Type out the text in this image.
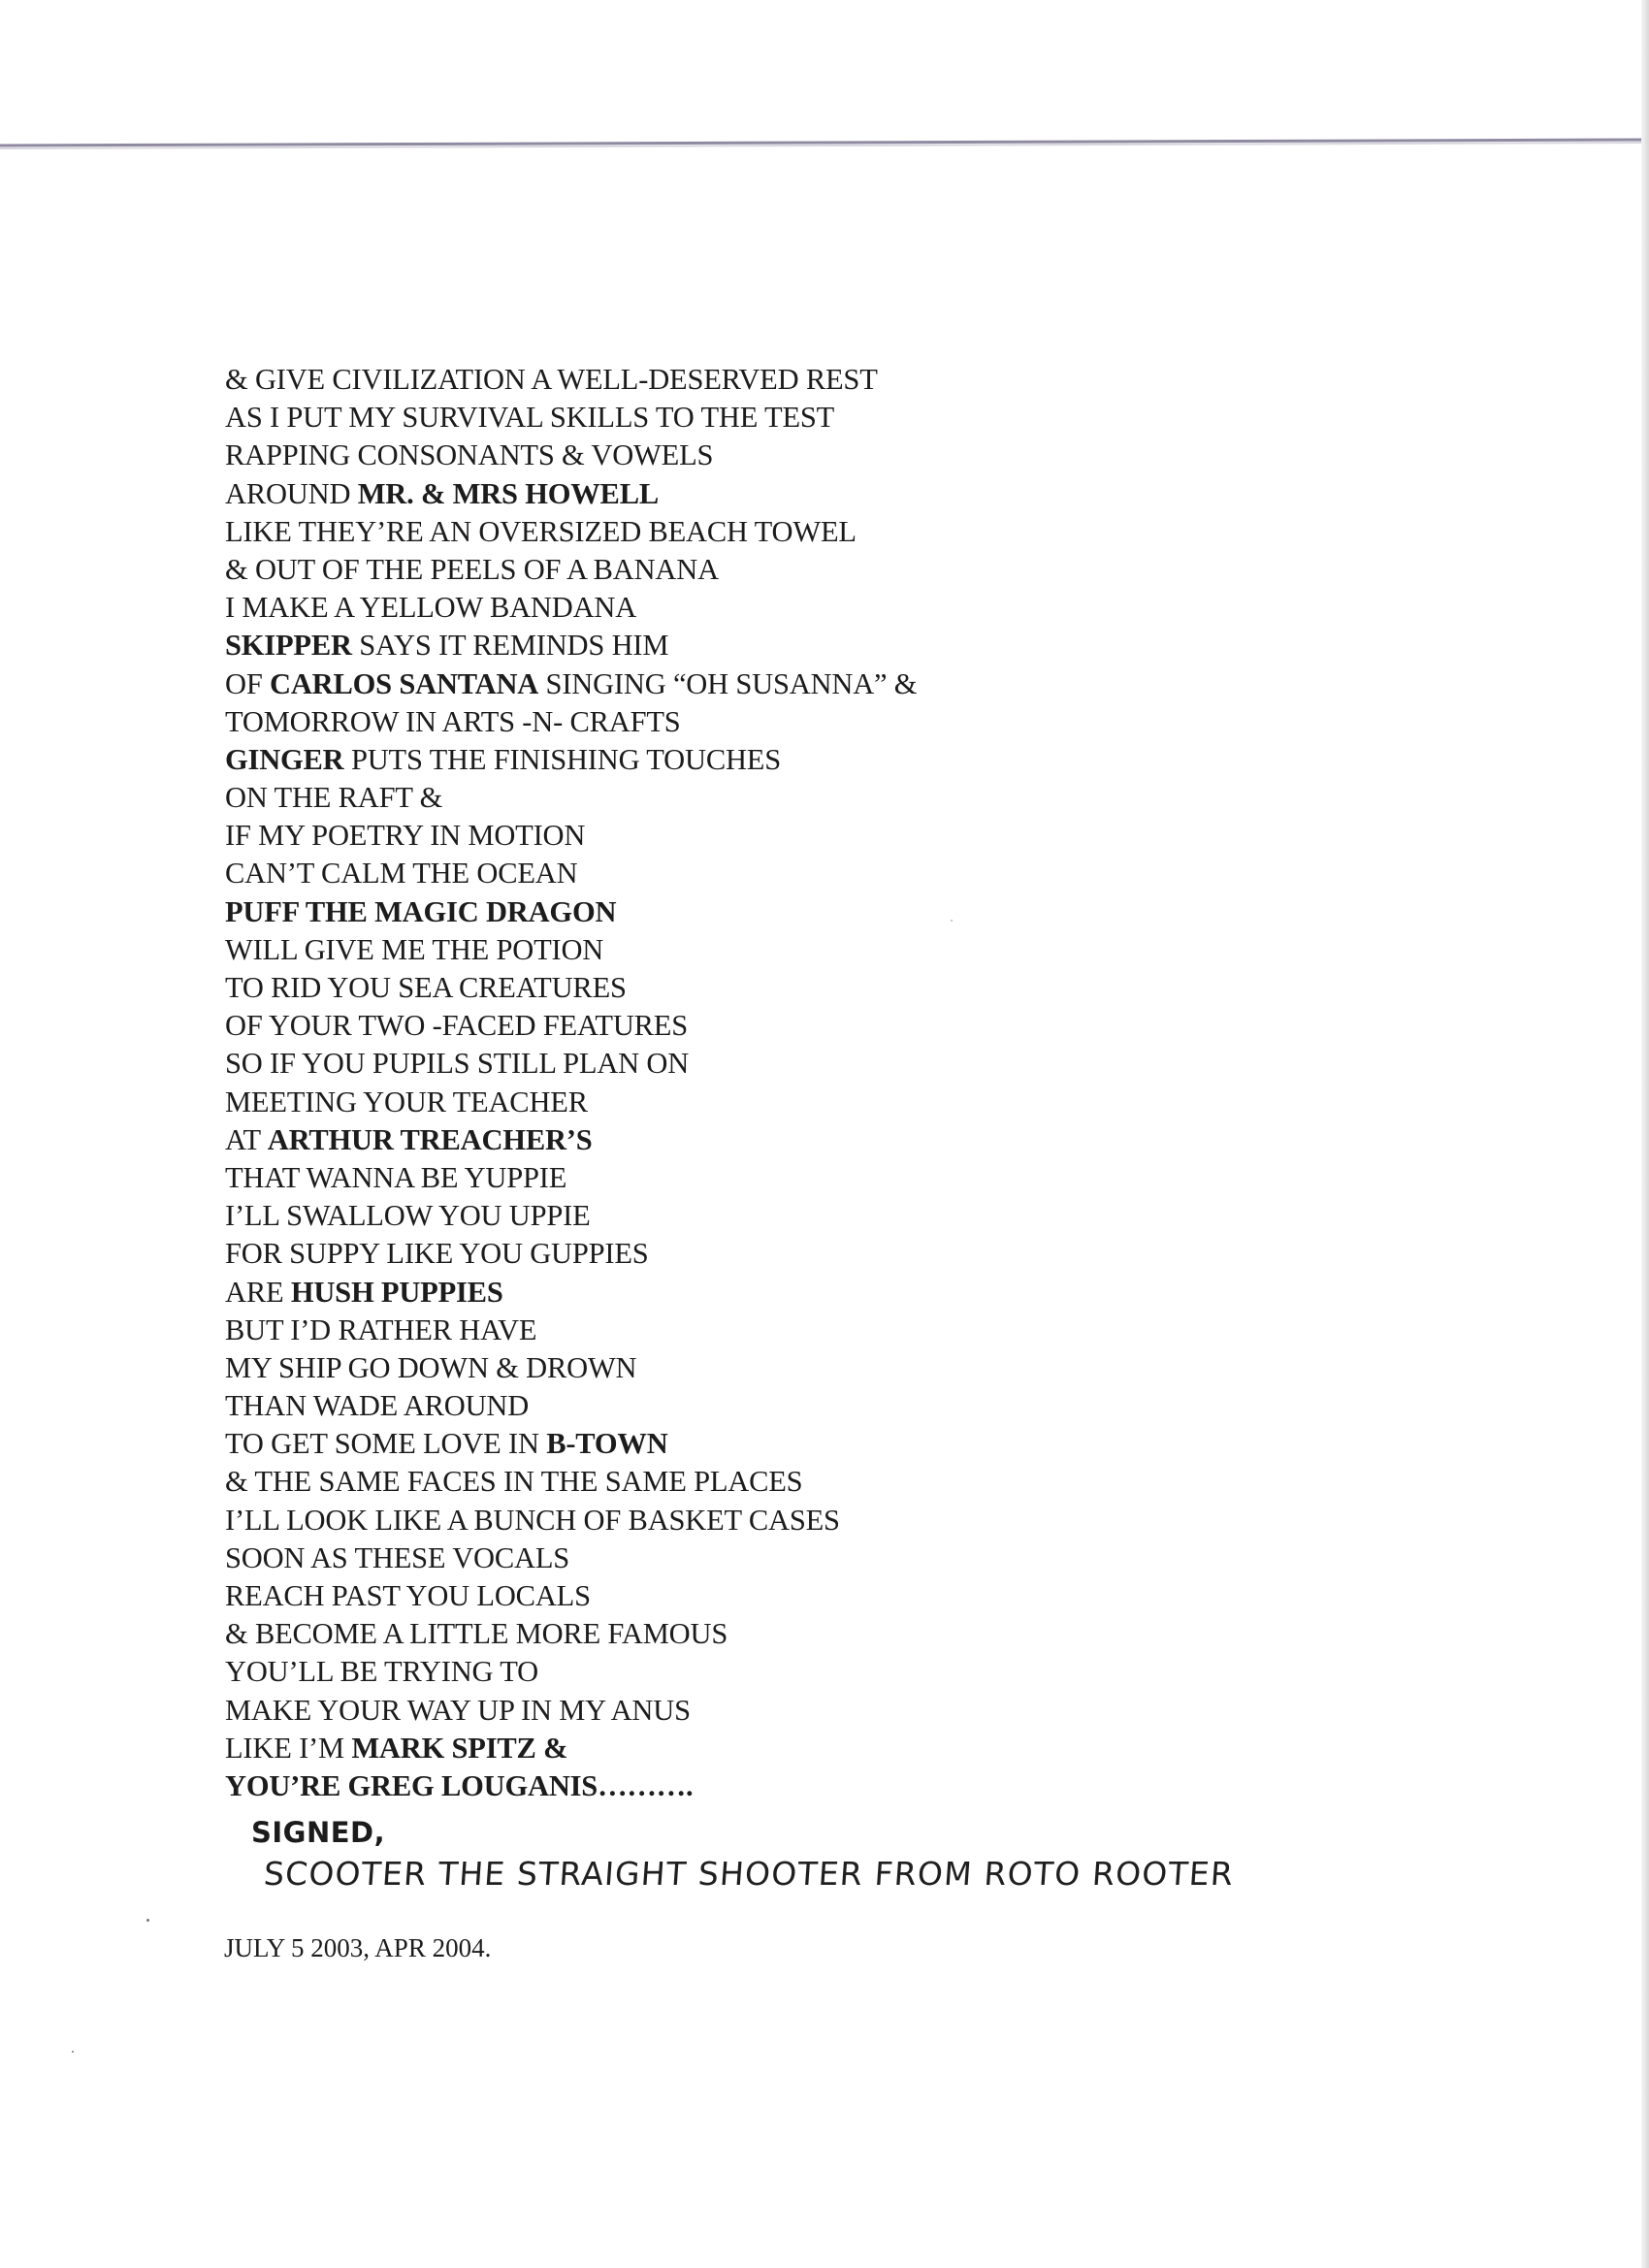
& GIVE CIVILIZATION A WELL-DESERVED REST
AS I PUT MY SURVIVAL SKILLS TO THE TEST
RAPPING CONSONANTS & VOWELS
AROUND MR. & MRS HOWELL
LIKE THEY’RE AN OVERSIZED BEACH TOWEL
& OUT OF THE PEELS OF A BANANA
I MAKE A YELLOW BANDANA
SKIPPER SAYS IT REMINDS HIM
OF CARLOS SANTANA SINGING “OH SUSANNA” &
TOMORROW IN ARTS -N- CRAFTS
GINGER PUTS THE FINISHING TOUCHES
ON THE RAFT &
IF MY POETRY IN MOTION
CAN’T CALM THE OCEAN
PUFF THE MAGIC DRAGON
WILL GIVE ME THE POTION
TO RID YOU SEA CREATURES
OF YOUR TWO -FACED FEATURES
SO IF YOU PUPILS STILL PLAN ON
MEETING YOUR TEACHER
AT ARTHUR TREACHER’S
THAT WANNA BE YUPPIE
I’LL SWALLOW YOU UPPIE
FOR SUPPY LIKE YOU GUPPIES
ARE HUSH PUPPIES
BUT I’D RATHER HAVE
MY SHIP GO DOWN & DROWN
THAN WADE AROUND
TO GET SOME LOVE IN B-TOWN
& THE SAME FACES IN THE SAME PLACES
I’LL LOOK LIKE A BUNCH OF BASKET CASES
SOON AS THESE VOCALS
REACH PAST YOU LOCALS
& BECOME A LITTLE MORE FAMOUS
YOU’LL BE TRYING TO
MAKE YOUR WAY UP IN MY ANUS
LIKE I’M MARK SPITZ &
YOU’RE GREG LOUGANIS……….
SIGNED,
SCOOTER THE STRAIGHT SHOOTER FROM ROTO ROOTER
JULY 5 2003, APR 2004.
